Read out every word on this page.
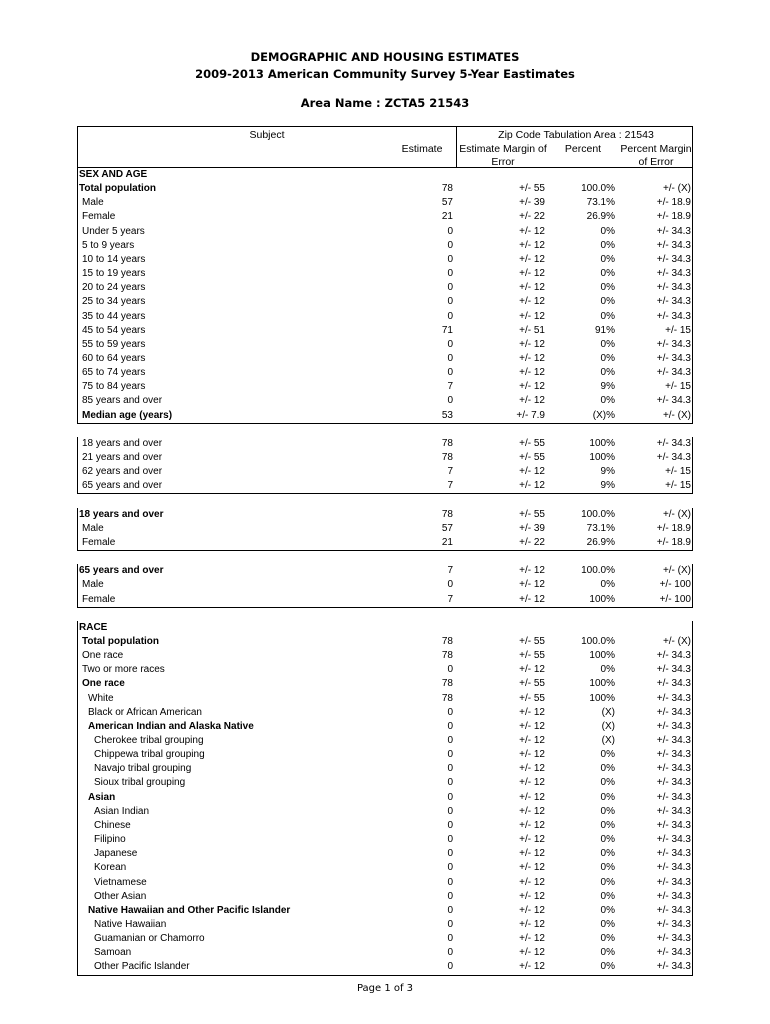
DEMOGRAPHIC AND HOUSING ESTIMATES
2009-2013 American Community Survey 5-Year Eastimates
Area Name : ZCTA5 21543
Subject	Zip Code Tabulation Area : 21543
Estimate	Estimate Margin of Error
Percent	Percent Margin of Error
SEX AND AGE
Total population	78	+/- 55	100.0%	+/- (X)
Male	57	+/- 39	73.1%	+/- 18.9
Female	21	+/- 22	26.9%	+/- 18.9
Under 5 years	0	+/- 12	0%	+/- 34.3
5 to 9 years	0	+/- 12	0%	+/- 34.3
10 to 14 years	0	+/- 12	0%	+/- 34.3
15 to 19 years	0	+/- 12	0%	+/- 34.3
20 to 24 years	0	+/- 12	0%	+/- 34.3
25 to 34 years	0	+/- 12	0%	+/- 34.3
35 to 44 years	0	+/- 12	0%	+/- 34.3
45 to 54 years	71	+/- 51	91%	+/- 15
55 to 59 years	0	+/- 12	0%	+/- 34.3
60 to 64 years	0	+/- 12	0%	+/- 34.3
65 to 74 years	0	+/- 12	0%	+/- 34.3
75 to 84 years	7	+/- 12	9%	+/- 15
85 years and over	0	+/- 12	0%	+/- 34.3
Median age (years)	53	+/- 7.9	(X)%	+/- (X)
18 years and over	78	+/- 55	100%	+/- 34.3
21 years and over	78	+/- 55	100%	+/- 34.3
62 years and over	7	+/- 12	9%	+/- 15
65 years and over	7	+/- 12	9%	+/- 15
18 years and over	78	+/- 55	100.0%	+/- (X)
Male	57	+/- 39	73.1%	+/- 18.9
Female	21	+/- 22	26.9%	+/- 18.9
65 years and over	7	+/- 12	100.0%	+/- (X)
Male	0	+/- 12	0%	+/- 100
Female	7	+/- 12	100%	+/- 100
RACE
Total population	78	+/- 55	100.0%	+/- (X)
One race	78	+/- 55	100%	+/- 34.3
Two or more races	0	+/- 12	0%	+/- 34.3
One race	78	+/- 55	100%	+/- 34.3
White	78	+/- 55	100%	+/- 34.3
Black or African American	0	+/- 12	(X)	+/- 34.3
American Indian and Alaska Native	0	+/- 12	(X)	+/- 34.3
Cherokee tribal grouping	0	+/- 12	(X)	+/- 34.3
Chippewa tribal grouping	0	+/- 12	0%	+/- 34.3
Navajo tribal grouping	0	+/- 12	0%	+/- 34.3
Sioux tribal grouping	0	+/- 12	0%	+/- 34.3
Asian	0	+/- 12	0%	+/- 34.3
Asian Indian	0	+/- 12	0%	+/- 34.3
Chinese	0	+/- 12	0%	+/- 34.3
Filipino	0	+/- 12	0%	+/- 34.3
Japanese	0	+/- 12	0%	+/- 34.3
Korean	0	+/- 12	0%	+/- 34.3
Vietnamese	0	+/- 12	0%	+/- 34.3
Other Asian	0	+/- 12	0%	+/- 34.3
Native Hawaiian and Other Pacific Islander	0	+/- 12	0%	+/- 34.3
Native Hawaiian	0	+/- 12	0%	+/- 34.3
Guamanian or Chamorro	0	+/- 12	0%	+/- 34.3
Samoan	0	+/- 12	0%	+/- 34.3
Other Pacific Islander	0	+/- 12	0%	+/- 34.3
Page 1 of 3
